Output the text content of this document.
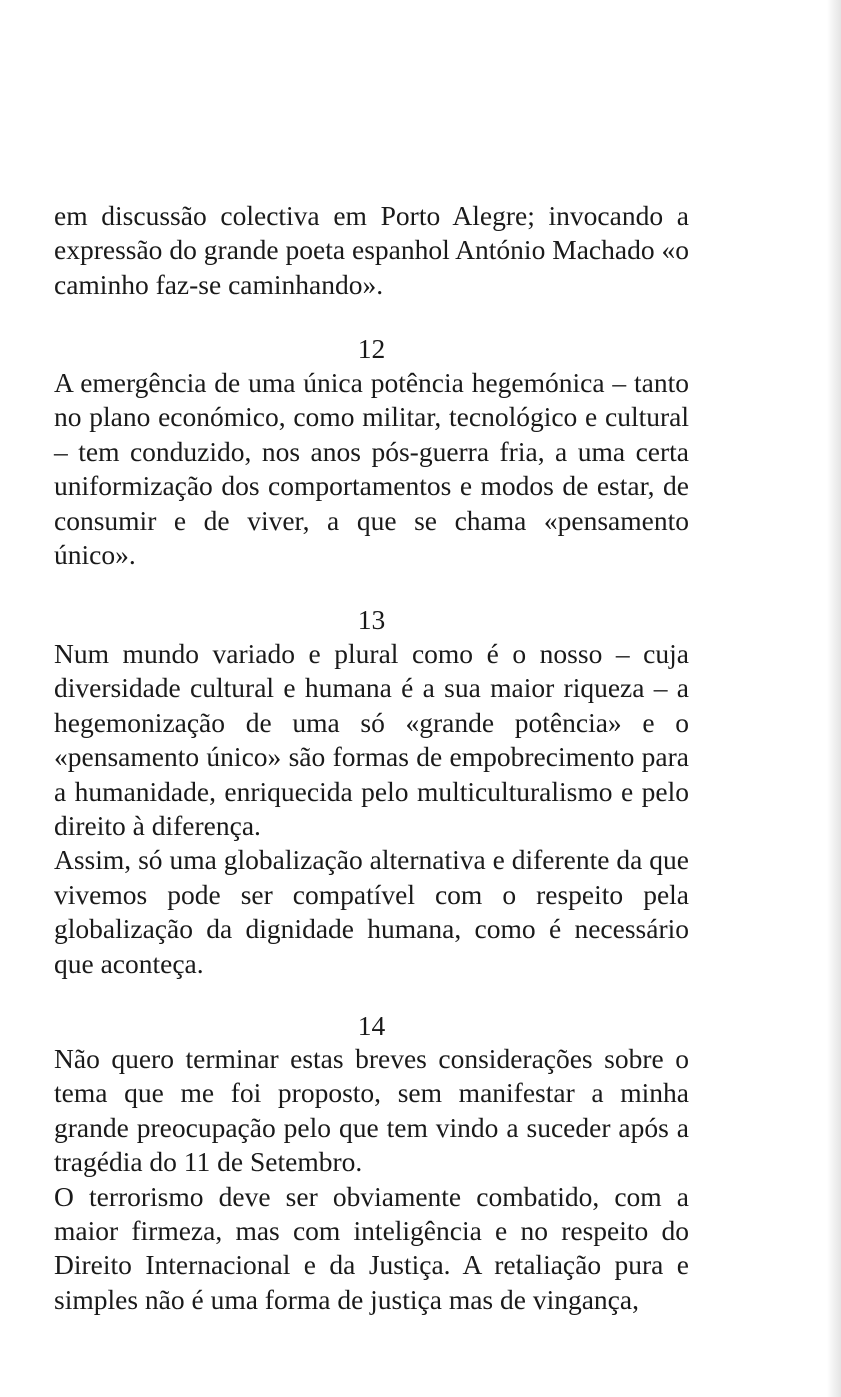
em discussão colectiva em Porto Alegre; invocando a expressão do grande poeta espanhol António Machado «o caminho faz-se caminhando».

12

A emergência de uma única potência hegemónica – tanto no plano económico, como militar, tecnológico e cultural – tem conduzido, nos anos pós-guerra fria, a uma certa uniformização dos comportamentos e modos de estar, de consumir e de viver, a que se chama «pensamento único».

13

Num mundo variado e plural como é o nosso – cuja diversidade cultural e humana é a sua maior riqueza – a hegemonização de uma só «grande potência» e o «pensamento único» são formas de empobrecimento para a humanidade, enriquecida pelo multiculturalismo e pelo direito à diferença.

Assim, só uma globalização alternativa e diferente da que vivemos pode ser compatível com o respeito pela globalização da dignidade humana, como é necessário que aconteça.

14

Não quero terminar estas breves considerações sobre o tema que me foi proposto, sem manifestar a minha grande preocupação pelo que tem vindo a suceder após a tragédia do 11 de Setembro.

O terrorismo deve ser obviamente combatido, com a maior firmeza, mas com inteligência e no respeito do Direito Internacional e da Justiça. A retaliação pura e simples não é uma forma de justiça mas de vingança,
